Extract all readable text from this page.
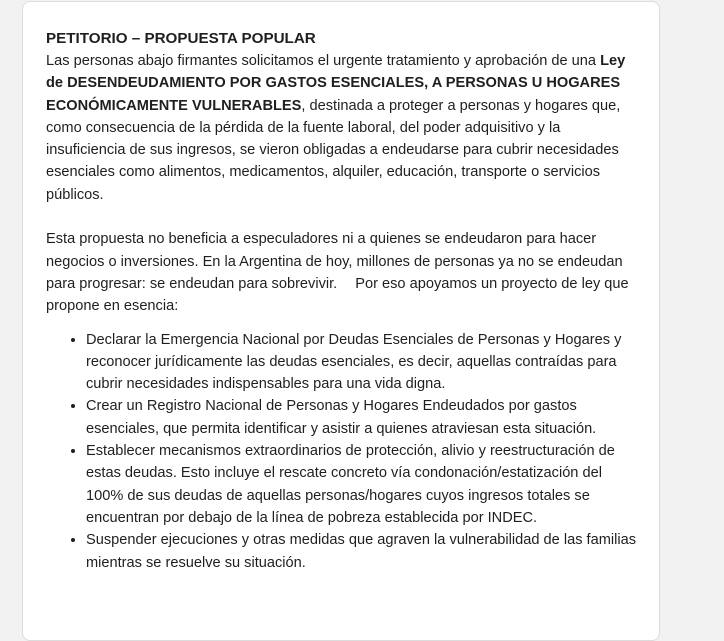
PETITORIO – PROPUESTA POPULAR

Las personas abajo firmantes solicitamos el urgente tratamiento y aprobación de una Ley de DESENDEUDAMIENTO POR GASTOS ESENCIALES, A PERSONAS U HOGARES ECONÓMICAMENTE VULNERABLES, destinada a proteger a personas y hogares que, como consecuencia de la pérdida de la fuente laboral, del poder adquisitivo y la insuficiencia de sus ingresos, se vieron obligadas a endeudarse para cubrir necesidades esenciales como alimentos, medicamentos, alquiler, educación, transporte o servicios públicos.

Esta propuesta no beneficia a especuladores ni a quienes se endeudaron para hacer negocios o inversiones. En la Argentina de hoy, millones de personas ya no se endeudan para progresar: se endeudan para sobrevivir. Por eso apoyamos un proyecto de ley que propone en esencia:

• Declarar la Emergencia Nacional por Deudas Esenciales de Personas y Hogares y reconocer jurídicamente las deudas esenciales, es decir, aquellas contraídas para cubrir necesidades indispensables para una vida digna.
• Crear un Registro Nacional de Personas y Hogares Endeudados por gastos esenciales, que permita identificar y asistir a quienes atraviesan esta situación.
• Establecer mecanismos extraordinarios de protección, alivio y reestructuración de estas deudas. Esto incluye el rescate concreto vía condonación/estatización del 100% de sus deudas de aquellas personas/hogares cuyos ingresos totales se encuentran por debajo de la línea de pobreza establecida por INDEC.
• Suspender ejecuciones y otras medidas que agraven la vulnerabilidad de las familias mientras se resuelve su situación.
